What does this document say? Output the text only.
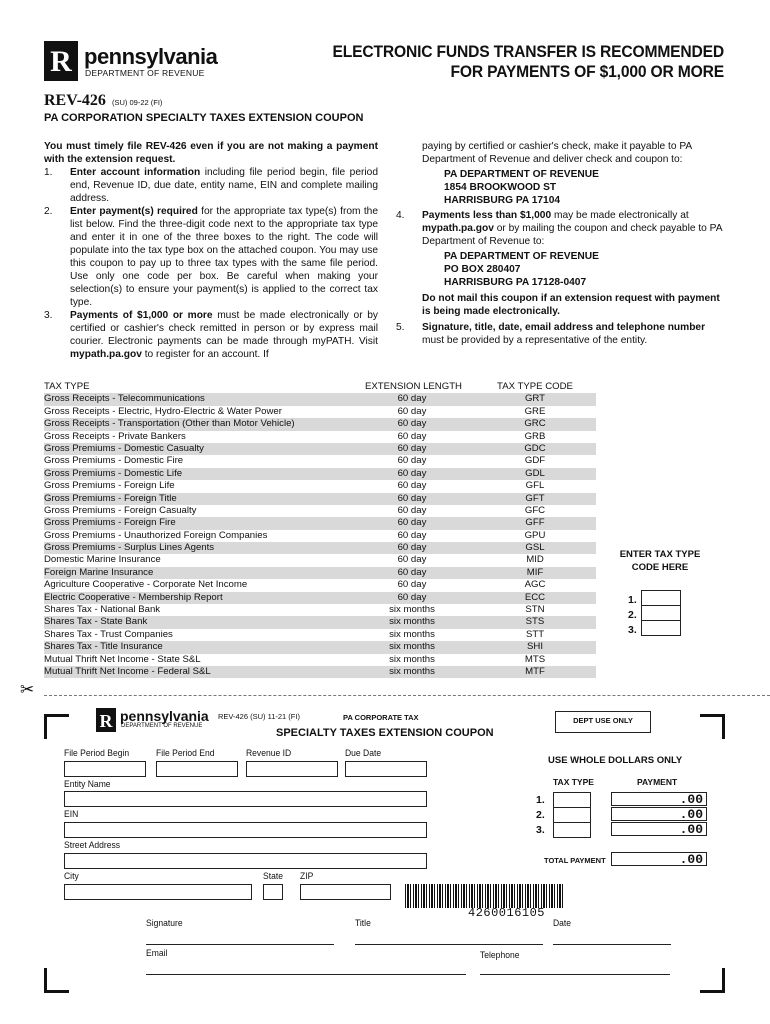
R pennsylvania
DEPARTMENT OF REVENUE
ELECTRONIC FUNDS TRANSFER IS RECOMMENDED
FOR PAYMENTS OF $1,000 OR MORE
REV-426 (SU) 09-22 (FI)
PA CORPORATION SPECIALTY TAXES EXTENSION COUPON

You must timely file REV-426 even if you are not making a payment with the extension request.

1. Enter account information including file period begin, file period end, Revenue ID, due date, entity name, EIN and complete mailing address.
2. Enter payment(s) required for the appropriate tax type(s) from the list below. Find the three-digit code next to the appropriate tax type and enter it in one of the three boxes to the right. The code will populate into the tax type box on the attached coupon. You may use this coupon to pay up to three tax types with the same file period. Use only one code per box. Be careful when making your selection(s) to ensure your payment(s) is applied to the correct tax type.
3. Payments of $1,000 or more must be made electronically or by certified or cashier's check remitted in person or by express mail courier. Electronic payments can be made through myPATH. Visit mypath.pa.gov to register for an account. If

paying by certified or cashier's check, make it payable to PA Department of Revenue and deliver check and coupon to:

PA DEPARTMENT OF REVENUE
1854 BROOKWOOD ST
HARRISBURG PA 17104
4. Payments less than $1,000 may be made electronically at mypath.pa.gov or by mailing the coupon and check payable to PA Department of Revenue to:
PA DEPARTMENT OF REVENUE
PO BOX 280407
HARRISBURG PA 17128-0407

Do not mail this coupon if an extension request with payment is being made electronically.

5. Signature, title, date, email address and telephone number must be provided by a representative of the entity.
TAX TYPE	EXTENSION LENGTH	TAX TYPE CODE
Gross Receipts - Telecommunications	60 day	GRT
Gross Receipts - Electric, Hydro-Electric & Water Power	60 day	GRE
Gross Receipts - Transportation (Other than Motor Vehicle)	60 day	GRC
Gross Receipts - Private Bankers	60 day	GRB
Gross Premiums - Domestic Casualty	60 day	GDC
Gross Premiums - Domestic Fire	60 day	GDF
Gross Premiums - Domestic Life	60 day	GDL
Gross Premiums - Foreign Life	60 day	GFL
Gross Premiums - Foreign Title	60 day	GFT
Gross Premiums - Foreign Casualty	60 day	GFC
Gross Premiums - Foreign Fire	60 day	GFF
Gross Premiums - Unauthorized Foreign Companies	60 day	GPU
Gross Premiums - Surplus Lines Agents	60 day	GSL
Domestic Marine Insurance	60 day	MID
Foreign Marine Insurance	60 day	MIF
Agriculture Cooperative - Corporate Net Income	60 day	AGC
Electric Cooperative - Membership Report	60 day	ECC
Shares Tax - National Bank	six months	STN
Shares Tax - State Bank	six months	STS
Shares Tax - Trust Companies	six months	STT
Shares Tax - Title Insurance	six months	SHI
Mutual Thrift Net Income - State S&L	six months	MTS
Mutual Thrift Net Income - Federal S&L	six months	MTF
ENTER TAX TYPE
CODE HERE
1.
2.
3.
✂
R pennsylvania
DEPARTMENT OF REVENUE
REV-426 (SU) 11-21 (FI)	PA CORPORATE TAX
SPECIALTY TAXES EXTENSION COUPON
DEPT USE ONLY
File Period Begin	File Period End	Revenue ID	Due Date
Entity Name
EIN
Street Address
City	State ZIP
USE WHOLE DOLLARS ONLY
TAX TYPE	PAYMENT
1.	.00
2.	.00
3.	.00
TOTAL PAYMENT	.00
4260016105
Signature	Title	Date
Email	Telephone
